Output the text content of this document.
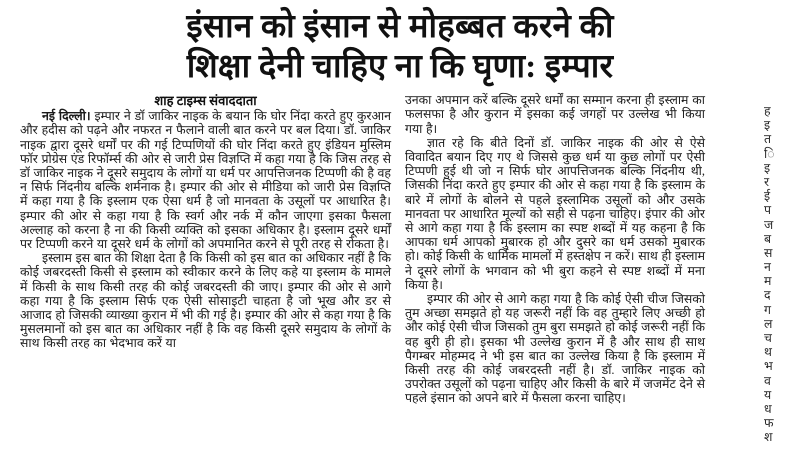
इंसान को इंसान से मोहब्बत करने की
शिक्षा देनी चाहिए ना कि घृणा: इम्पार
शाह टाइम्स संवाददाता

नई दिल्ली। इम्पार ने डॉ जाकिर नाइक के बयान कि घोर निंदा करते हुए कुरआन और हदीस को पढ़ने और नफरत न फैलाने वाली बात करने पर बल दिया। डॉ. जाकिर नाइक द्वारा दूसरे धर्मों पर की गई टिप्पणियों की घोर निंदा करते हुए इंडियन मुस्लिम फॉर प्रोग्रेस एंड रिफॉर्म्स की ओर से जारी प्रेस विज्ञप्ति में कहा गया है कि जिस तरह से डॉ जाकिर नाइक ने दूसरे समुदाय के लोगों या धर्म पर आपत्तिजनक टिप्पणी की है वह न सिर्फ निंदनीय बल्कि शर्मनाक है। इम्पार की ओर से मीडिया को जारी प्रेस विज्ञप्ति में कहा गया है कि इस्लाम एक ऐसा धर्म है जो मानवता के उसूलों पर आधारित है। इम्पार की ओर से कहा गया है कि स्वर्ग और नर्क में कौन जाएगा इसका फैसला अल्लाह को करना है ना की किसी व्यक्ति को इसका अधिकार है। इस्लाम दूसरे धर्मों पर टिप्पणी करने या दूसरे धर्म के लोगों को अपमानित करने से पूरी तरह से रोकता है।

इस्लाम इस बात की शिक्षा देता है कि किसी को इस बात का अधिकार नहीं है कि कोई जबरदस्ती किसी से इस्लाम को स्वीकार करने के लिए कहे या इस्लाम के मामले में किसी के साथ किसी तरह की कोई जबरदस्ती की जाए। इम्पार की ओर से आगे कहा गया है कि इस्लाम सिर्फ एक ऐसी सोसाइटी चाहता है जो भूख और डर से आजाद हो जिसकी व्याख्या कुरान में भी की गई है। इम्पार की ओर से कहा गया है कि मुसलमानों को इस बात का अधिकार नहीं है कि वह किसी दूसरे समुदाय के लोगों के साथ किसी तरह का भेदभाव करें या

उनका अपमान करें बल्कि दूसरे धर्मों का सम्मान करना ही इस्लाम का फलसफा है और कुरान में इसका कई जगहों पर उल्लेख भी किया गया है।

ज्ञात रहे कि बीते दिनों डॉ. जाकिर नाइक की ओर से ऐसे विवादित बयान दिए गए थे जिससे कुछ धर्म या कुछ लोगों पर ऐसी टिप्पणी हुई थी जो न सिर्फ घोर आपत्तिजनक बल्कि निंदनीय थी, जिसकी निंदा करते हुए इम्पार की ओर से कहा गया है कि इस्लाम के बारे में लोगों के बोलने से पहले इस्लामिक उसूलों को और उसके मानवता पर आधारित मूल्यों को सही से पढ़ना चाहिए। इंपार की ओर से आगे कहा गया है कि इस्लाम का स्पष्ट शब्दों में यह कहना है कि आपका धर्म आपको मुबारक हो और दुसरे का धर्म उसको मुबारक हो। कोई किसी के धार्मिक मामलों में हस्तक्षेप न करें। साथ ही इस्लाम ने दूसरे लोगों के भगवान को भी बुरा कहने से स्पष्ट शब्दों में मना किया है।

इम्पार की ओर से आगे कहा गया है कि कोई ऐसी चीज जिसको तुम अच्छा समझते हो यह जरूरी नहीं कि वह तुम्हारे लिए अच्छी हो और कोई ऐसी चीज जिसको तुम बुरा समझते हो कोई जरूरी नहीं कि वह बुरी ही हो। इसका भी उल्लेख कुरान में है और साथ ही साथ पैगम्बर मोहम्मद ने भी इस बात का उल्लेख किया है कि इस्लाम में किसी तरह की कोई जबरदस्ती नहीं है। डॉ. जाकिर नाइक को उपरोक्त उसूलों को पढ़ना चाहिए और किसी के बारे में जजमेंट देने से पहले इंसान को अपने बारे में फैसला करना चाहिए।

ह
इ
त
ि
इ
र
ई
प
ज
ब
स
न
म
द
ग
ल
च
थ
भ
व
य
ध
फ
श
